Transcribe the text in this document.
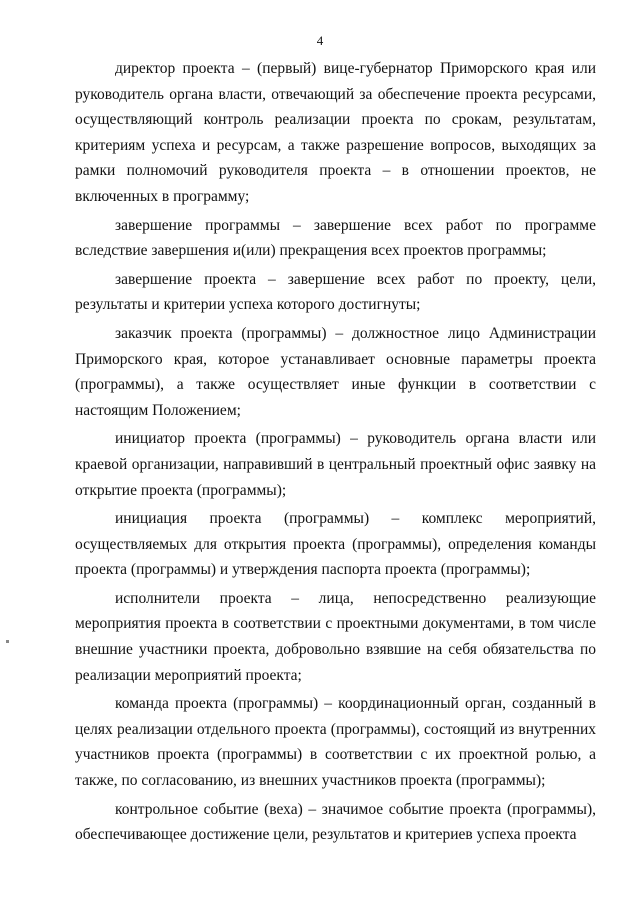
4

директор проекта – (первый) вице-губернатор Приморского края или руководитель органа власти, отвечающий за обеспечение проекта ресурсами, осуществляющий контроль реализации проекта по срокам, результатам, критериям успеха и ресурсам, а также разрешение вопросов, выходящих за рамки полномочий руководителя проекта – в отношении проектов, не включенных в программу;

завершение программы – завершение всех работ по программе вследствие завершения и(или) прекращения всех проектов программы;

завершение проекта – завершение всех работ по проекту, цели, результаты и критерии успеха которого достигнуты;

заказчик проекта (программы) – должностное лицо Администрации Приморского края, которое устанавливает основные параметры проекта (программы), а также осуществляет иные функции в соответствии с настоящим Положением;

инициатор проекта (программы) – руководитель органа власти или краевой организации, направивший в центральный проектный офис заявку на открытие проекта (программы);

инициация проекта (программы) – комплекс мероприятий, осуществляемых для открытия проекта (программы), определения команды проекта (программы) и утверждения паспорта проекта (программы);

исполнители проекта – лица, непосредственно реализующие мероприятия проекта в соответствии с проектными документами, в том числе внешние участники проекта, добровольно взявшие на себя обязательства по реализации мероприятий проекта;

команда проекта (программы) – координационный орган, созданный в целях реализации отдельного проекта (программы), состоящий из внутренних участников проекта (программы) в соответствии с их проектной ролью, а также, по согласованию, из внешних участников проекта (программы);

контрольное событие (веха) – значимое событие проекта (программы), обеспечивающее достижение цели, результатов и критериев успеха проекта
